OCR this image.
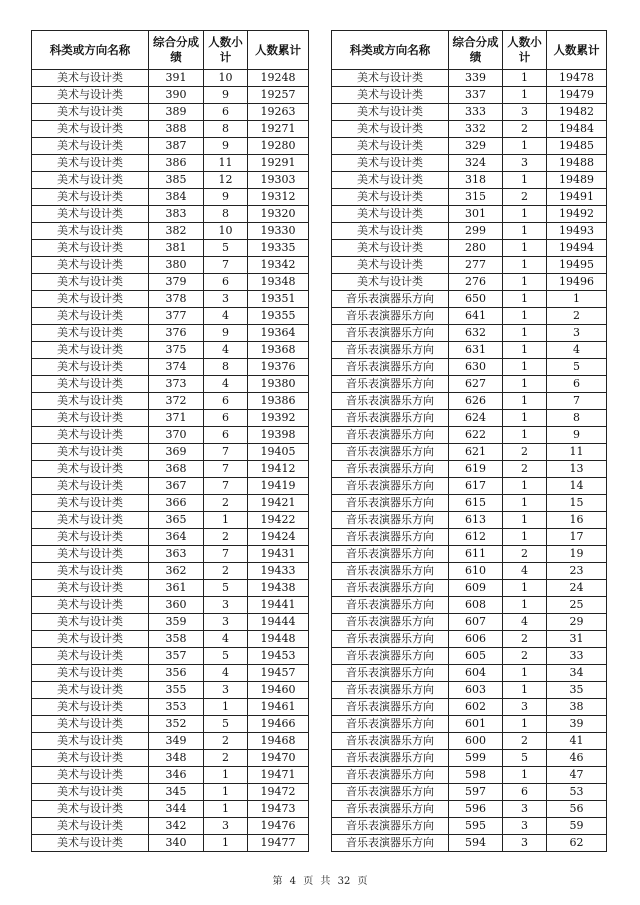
科类或方向名称	综合分成绩	人数小计	人数累计
美术与设计类	391	10	19248
美术与设计类	390	9	19257
美术与设计类	389	6	19263
美术与设计类	388	8	19271
美术与设计类	387	9	19280
美术与设计类	386	11	19291
美术与设计类	385	12	19303
美术与设计类	384	9	19312
美术与设计类	383	8	19320
美术与设计类	382	10	19330
美术与设计类	381	5	19335
美术与设计类	380	7	19342
美术与设计类	379	6	19348
美术与设计类	378	3	19351
美术与设计类	377	4	19355
美术与设计类	376	9	19364
美术与设计类	375	4	19368
美术与设计类	374	8	19376
美术与设计类	373	4	19380
美术与设计类	372	6	19386
美术与设计类	371	6	19392
美术与设计类	370	6	19398
美术与设计类	369	7	19405
美术与设计类	368	7	19412
美术与设计类	367	7	19419
美术与设计类	366	2	19421
美术与设计类	365	1	19422
美术与设计类	364	2	19424
美术与设计类	363	7	19431
美术与设计类	362	2	19433
美术与设计类	361	5	19438
美术与设计类	360	3	19441
美术与设计类	359	3	19444
美术与设计类	358	4	19448
美术与设计类	357	5	19453
美术与设计类	356	4	19457
美术与设计类	355	3	19460
美术与设计类	353	1	19461
美术与设计类	352	5	19466
美术与设计类	349	2	19468
美术与设计类	348	2	19470
美术与设计类	346	1	19471
美术与设计类	345	1	19472
美术与设计类	344	1	19473
美术与设计类	342	3	19476
美术与设计类	340	1	19477
科类或方向名称	综合分成绩	人数小计	人数累计
美术与设计类	339	1	19478
美术与设计类	337	1	19479
美术与设计类	333	3	19482
美术与设计类	332	2	19484
美术与设计类	329	1	19485
美术与设计类	324	3	19488
美术与设计类	318	1	19489
美术与设计类	315	2	19491
美术与设计类	301	1	19492
美术与设计类	299	1	19493
美术与设计类	280	1	19494
美术与设计类	277	1	19495
美术与设计类	276	1	19496
音乐表演器乐方向	650	1	1
音乐表演器乐方向	641	1	2
音乐表演器乐方向	632	1	3
音乐表演器乐方向	631	1	4
音乐表演器乐方向	630	1	5
音乐表演器乐方向	627	1	6
音乐表演器乐方向	626	1	7
音乐表演器乐方向	624	1	8
音乐表演器乐方向	622	1	9
音乐表演器乐方向	621	2	11
音乐表演器乐方向	619	2	13
音乐表演器乐方向	617	1	14
音乐表演器乐方向	615	1	15
音乐表演器乐方向	613	1	16
音乐表演器乐方向	612	1	17
音乐表演器乐方向	611	2	19
音乐表演器乐方向	610	4	23
音乐表演器乐方向	609	1	24
音乐表演器乐方向	608	1	25
音乐表演器乐方向	607	4	29
音乐表演器乐方向	606	2	31
音乐表演器乐方向	605	2	33
音乐表演器乐方向	604	1	34
音乐表演器乐方向	603	1	35
音乐表演器乐方向	602	3	38
音乐表演器乐方向	601	1	39
音乐表演器乐方向	600	2	41
音乐表演器乐方向	599	5	46
音乐表演器乐方向	598	1	47
音乐表演器乐方向	597	6	53
音乐表演器乐方向	596	3	56
音乐表演器乐方向	595	3	59
音乐表演器乐方向	594	3	62
第 4 页 共 32 页
